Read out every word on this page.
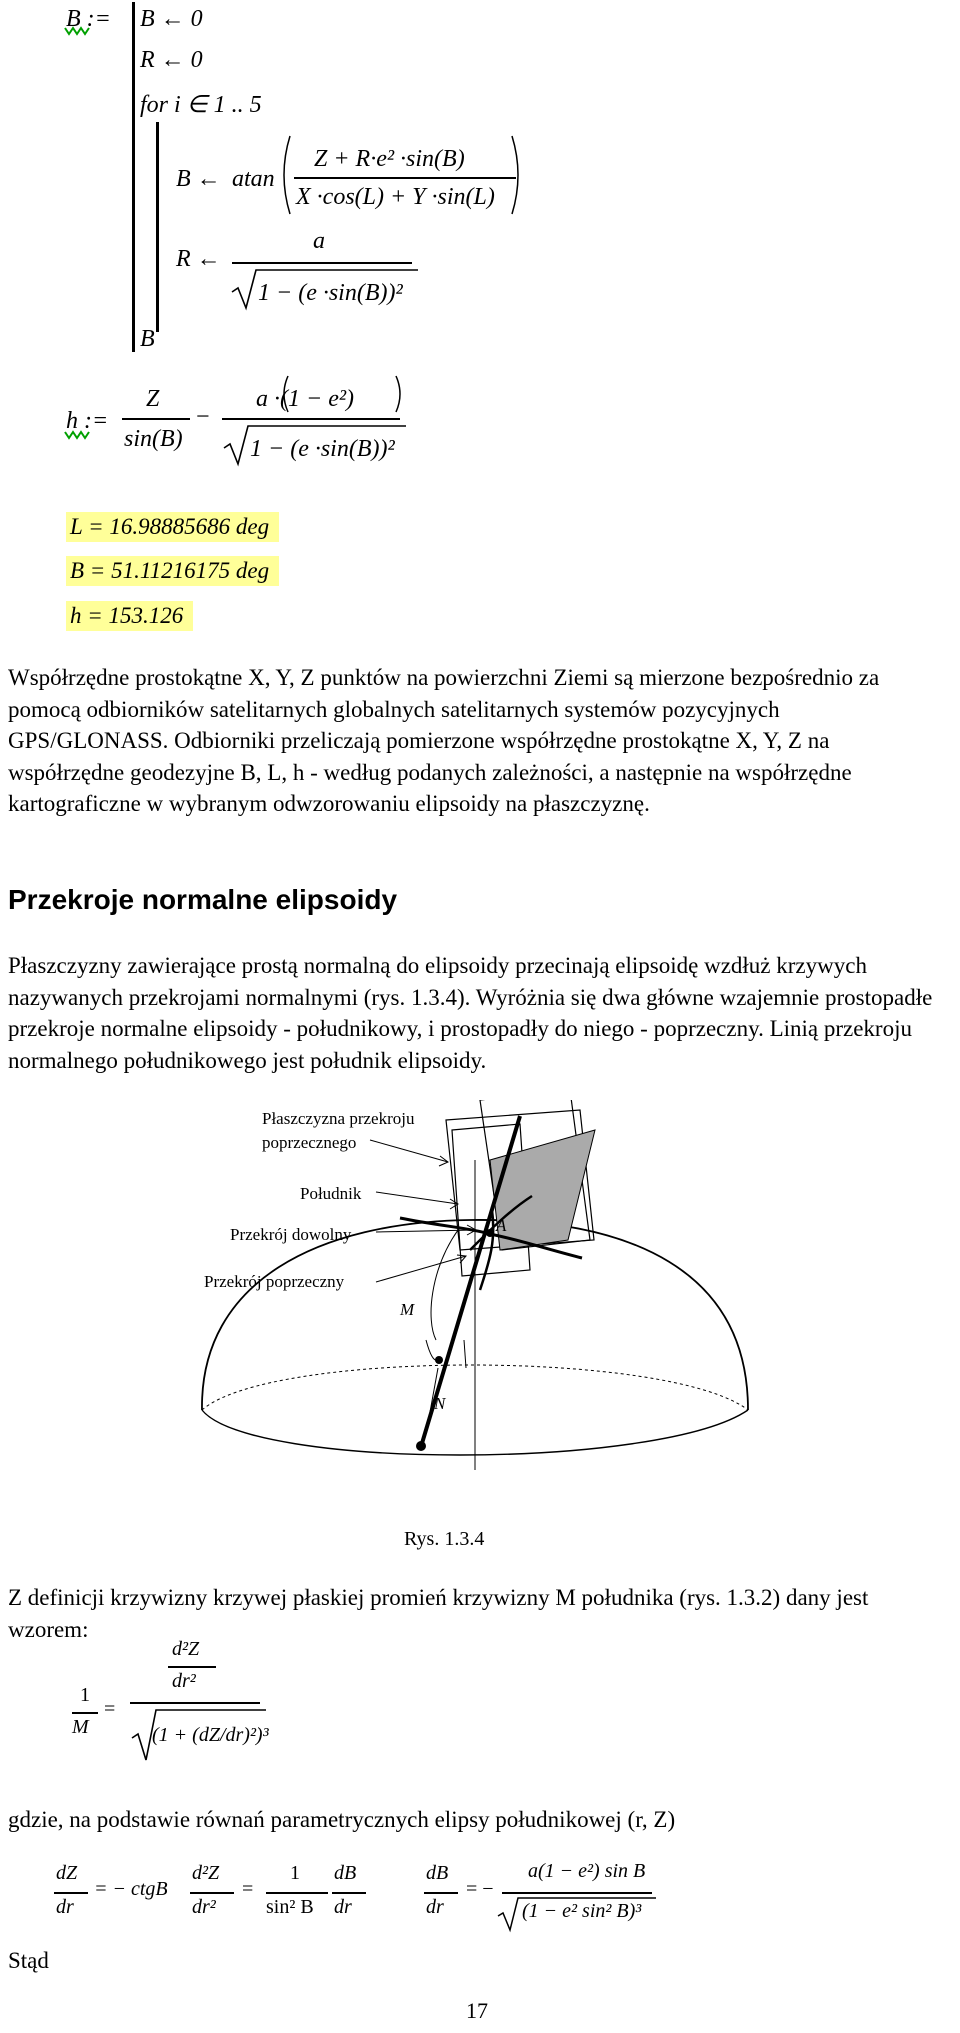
B := B ← 0
R ← 0
for i ∈ 1 .. 5
B ← atan
Z + R·e² ·sin(B)
X ·cos(L) + Y ·sin(L)
R ←
a
1 − (e ·sin(B))²
B
h :=
Z
sin(B)
−
a ·(1 − e²)
1 − (e ·sin(B))²
L = 16.98885686 deg
B = 51.11216175 deg
h = 153.126
Współrzędne prostokątne X, Y, Z punktów na powierzchni Ziemi są mierzone bezpośrednio za pomocą odbiorników satelitarnych globalnych satelitarnych systemów pozycyjnych GPS/GLONASS. Odbiorniki przeliczają pomierzone współrzędne prostokątne X, Y, Z na współrzędne geodezyjne B, L, h - według podanych zależności, a następnie na współrzędne kartograficzne w wybranym odwzorowaniu elipsoidy na płaszczyznę.
Przekroje normalne elipsoidy
Płaszczyzny zawierające prostą normalną do elipsoidy przecinają elipsoidę wzdłuż krzywych nazywanych przekrojami normalnymi (rys. 1.3.4). Wyróżnia się dwa główne wzajemnie prostopadłe przekroje normalne elipsoidy - południkowy, i prostopadły do niego - poprzeczny. Linią przekroju normalnego południkowego jest południk elipsoidy.
Płaszczyzna przekroju
poprzecznego
Południk
Przekrój dowolny
Przekrój poprzeczny
A
M
N
Rys. 1.3.4
Z definicji krzywizny krzywej płaskiej promień krzywizny M południka (rys. 1.3.2) dany jest wzorem:
1
M
=
d²Z
dr²
(1 + (dZ/dr)²)³
gdzie, na podstawie równań parametrycznych elipsy południkowej (r, Z)
dZ
dr
= − ctgB
d²Z
dr²
=
1
sin² B
dB
dr
dB
dr
= −
a(1 − e²) sin B
(1 − e² sin² B)³
Stąd
17
